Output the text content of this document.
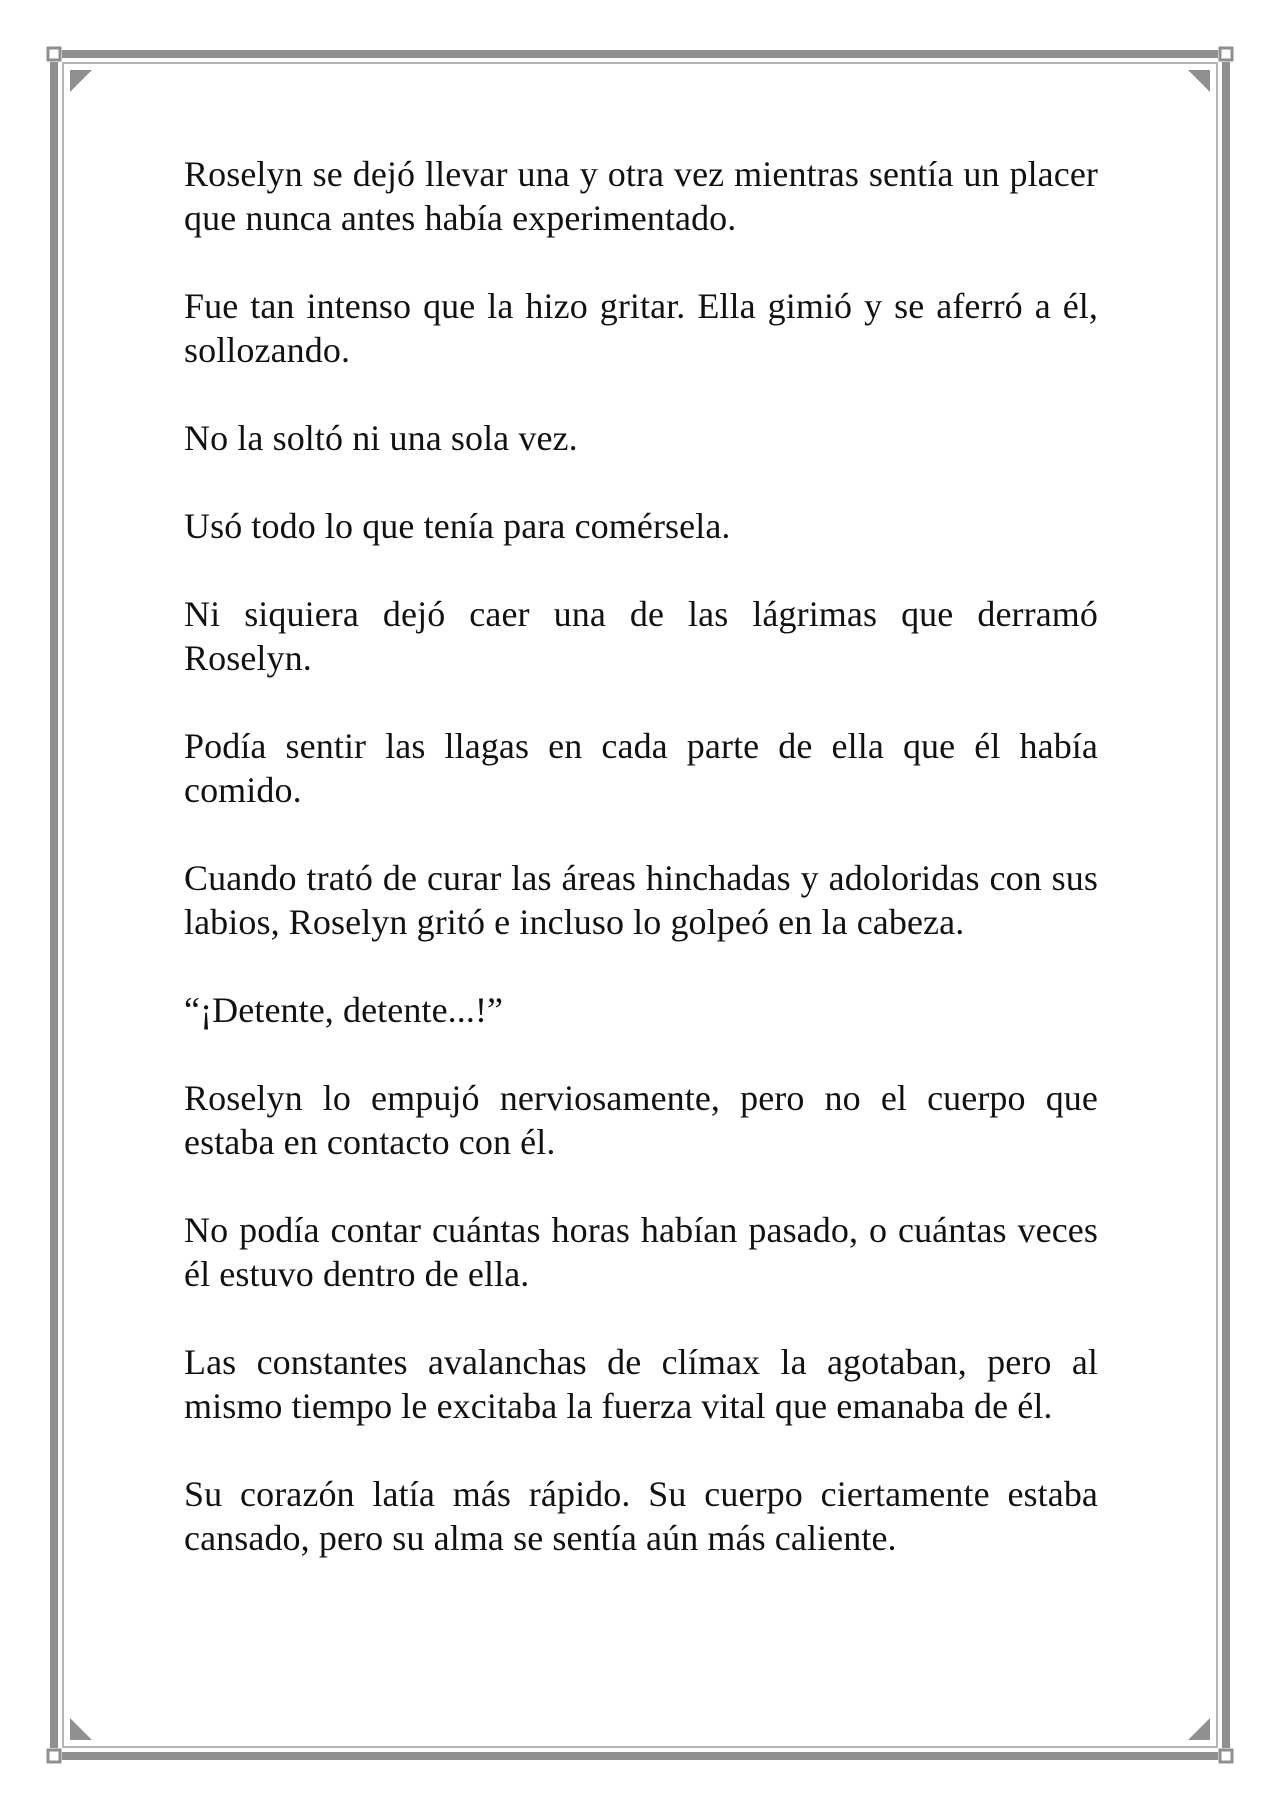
Roselyn se dejó llevar una y otra vez mientras sentía un placer que nunca antes había experimentado.

Fue tan intenso que la hizo gritar. Ella gimió y se aferró a él, sollozando.

No la soltó ni una sola vez.

Usó todo lo que tenía para comérsela.

Ni siquiera dejó caer una de las lágrimas que derramó Roselyn.

Podía sentir las llagas en cada parte de ella que él había comido.

Cuando trató de curar las áreas hinchadas y adoloridas con sus labios, Roselyn gritó e incluso lo golpeó en la cabeza.

“¡Detente, detente...!”

Roselyn lo empujó nerviosamente, pero no el cuerpo que estaba en contacto con él.

No podía contar cuántas horas habían pasado, o cuántas veces él estuvo dentro de ella.

Las constantes avalanchas de clímax la agotaban, pero al mismo tiempo le excitaba la fuerza vital que emanaba de él.

Su corazón latía más rápido. Su cuerpo ciertamente estaba cansado, pero su alma se sentía aún más caliente.
